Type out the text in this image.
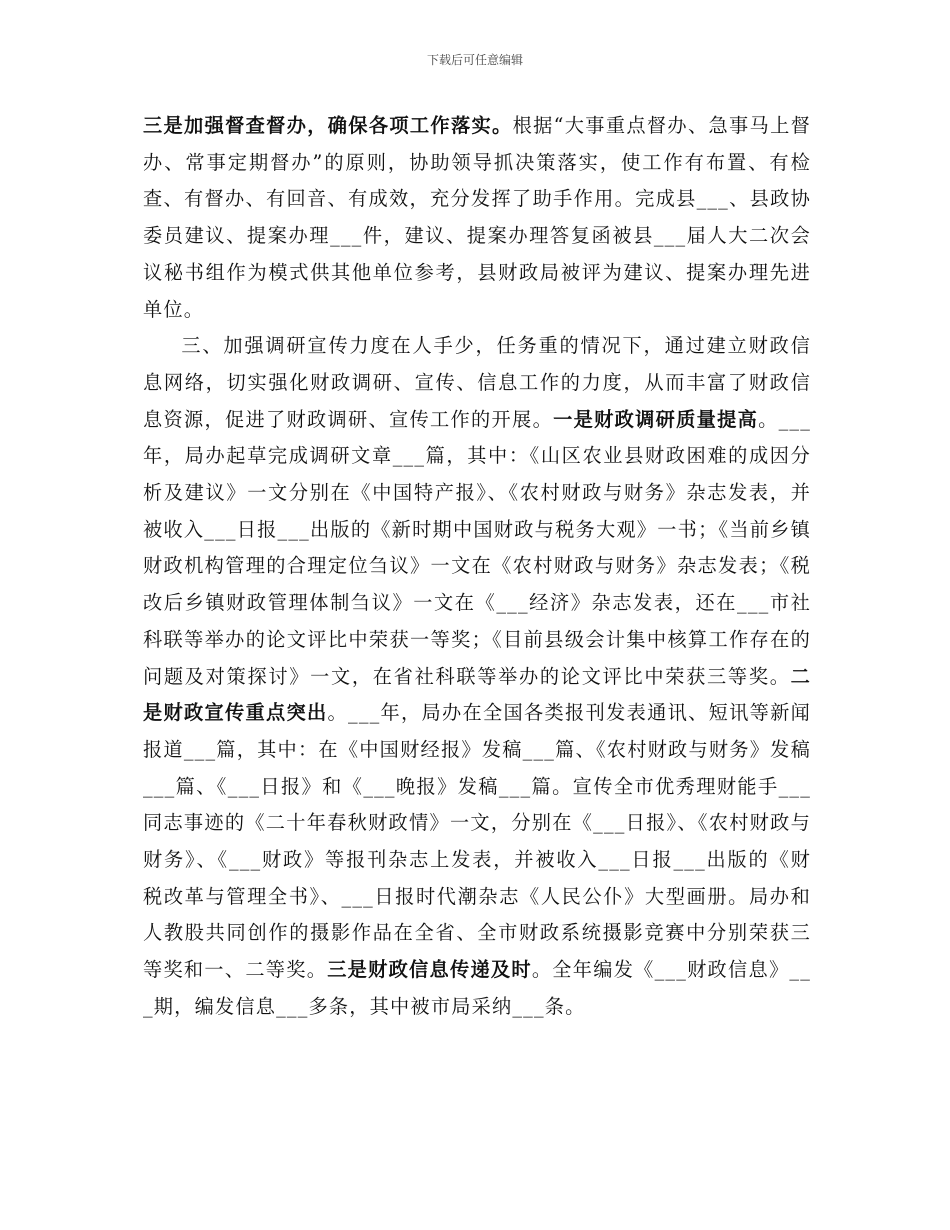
下载后可任意编辑

三是加强督查督办，确保各项工作落实。根据“大事重点督办、急事马上督办、常事定期督办”的原则，协助领导抓决策落实，使工作有布置、有检查、有督办、有回音、有成效，充分发挥了助手作用。完成县___、县政协委员建议、提案办理___件，建议、提案办理答复函被县___届人大二次会议秘书组作为模式供其他单位参考，县财政局被评为建议、提案办理先进单位。

三、加强调研宣传力度在人手少，任务重的情况下，通过建立财政信息网络，切实强化财政调研、宣传、信息工作的力度，从而丰富了财政信息资源，促进了财政调研、宣传工作的开展。一是财政调研质量提高。___年，局办起草完成调研文章___篇，其中：《山区农业县财政困难的成因分析及建议》一文分别在《中国特产报》、《农村财政与财务》杂志发表，并被收入___日报___出版的《新时期中国财政与税务大观》一书；《当前乡镇财政机构管理的合理定位刍议》一文在《农村财政与财务》杂志发表；《税改后乡镇财政管理体制刍议》一文在《___经济》杂志发表，还在___市社科联等举办的论文评比中荣获一等奖；《目前县级会计集中核算工作存在的问题及对策探讨》一文，在省社科联等举办的论文评比中荣获三等奖。二是财政宣传重点突出。___年，局办在全国各类报刊发表通讯、短讯等新闻报道___篇，其中：在《中国财经报》发稿___篇、《农村财政与财务》发稿___篇、《___日报》和《___晚报》发稿___篇。宣传全市优秀理财能手___同志事迹的《二十年春秋财政情》一文，分别在《___日报》、《农村财政与财务》、《___财政》等报刊杂志上发表，并被收入___日报___出版的《财税改革与管理全书》、___日报时代潮杂志《人民公仆》大型画册。局办和人教股共同创作的摄影作品在全省、全市财政系统摄影竞赛中分别荣获三等奖和一、二等奖。三是财政信息传递及时。全年编发《___财政信息》___期，编发信息___多条，其中被市局采纳___条。
